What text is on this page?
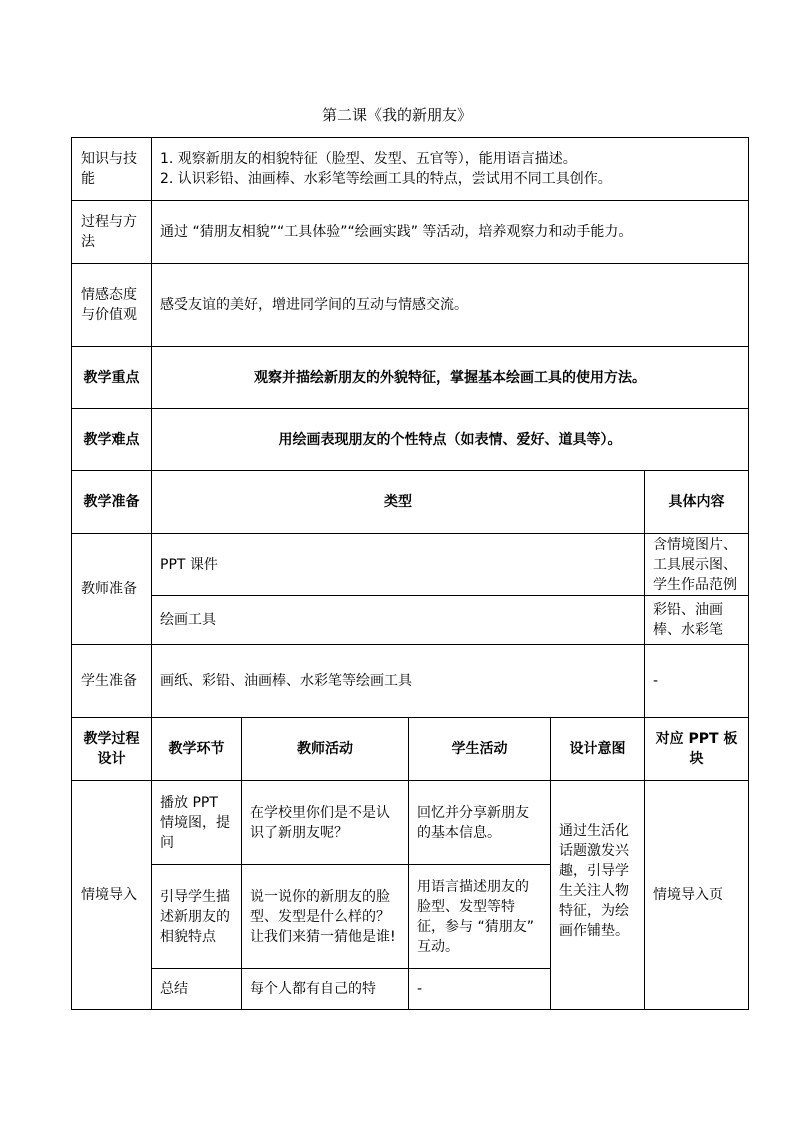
第二课《我的新朋友》
知识与技能	1. 观察新朋友的相貌特征（脸型、发型、五官等），能用语言描述。
2. 认识彩铅、油画棒、水彩笔等绘画工具的特点，尝试用不同工具创作。				

过程与方法	通过 “猜朋友相貌”“工具体验”“绘画实践” 等活动，培养观察力和动手能力。				
情感态度与价值观	感受友谊的美好，增进同学间的互动与情感交流。				
教学重点	观察并描绘新朋友的外貌特征，掌握基本绘画工具的使用方法。				
教学难点	用绘画表现朋友的个性特点（如表情、爱好、道具等）。				
教学准备	类型				具体内容
教师准备	PPT 课件				含情境图片、工具展示图、学生作品范例
	绘画工具				彩铅、油画棒、水彩笔
学生准备	画纸、彩铅、油画棒、水彩笔等绘画工具				-
教学过程设计	教学环节	教师活动	学生活动	设计意图	对应 PPT 板块
情境导入	播放 PPT 情境图，提问	在学校里你们是不是认识了新朋友呢？	回忆并分享新朋友的基本信息。	通过生活化话题激发兴趣，引导学生关注人物特征，为绘画作铺垫。	情境导入页
	引导学生描述新朋友的相貌特点	说一说你的新朋友的脸型、发型是什么样的？让我们来猜一猜他是谁!	用语言描述朋友的脸型、发型等特征，参与 “猜朋友” 互动。		
	总结	每个人都有自己的特	-		
